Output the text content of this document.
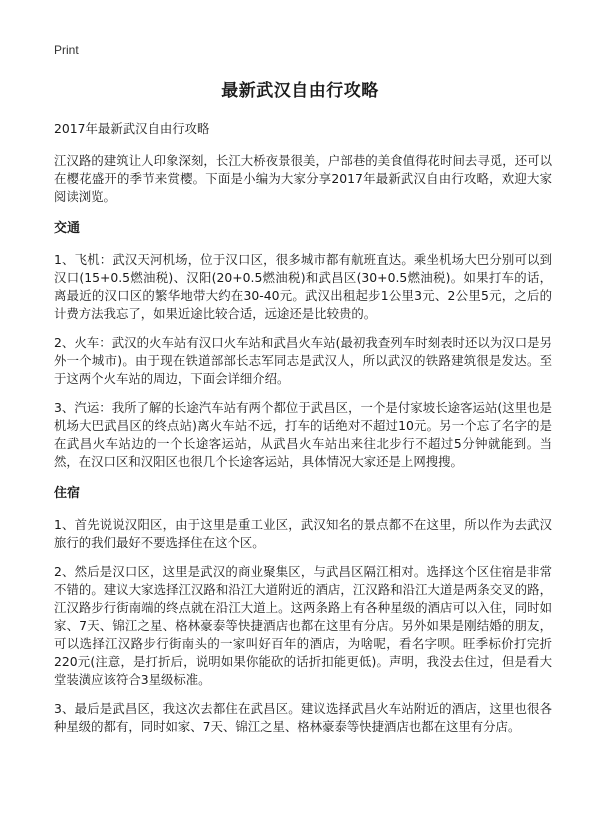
Print
最新武汉自由行攻略

2017年最新武汉自由行攻略

江汉路的建筑让人印象深刻，长江大桥夜景很美，户部巷的美食值得花时间去寻觅，还可以在樱花盛开的季节来赏樱。下面是小编为大家分享2017年最新武汉自由行攻略，欢迎大家阅读浏览。

交通

1、飞机：武汉天河机场，位于汉口区，很多城市都有航班直达。乘坐机场大巴分别可以到汉口(15+0.5燃油税)、汉阳(20+0.5燃油税)和武昌区(30+0.5燃油税)。如果打车的话，离最近的汉口区的繁华地带大约在30-40元。武汉出租起步1公里3元、2公里5元，之后的计费方法我忘了，如果近途比较合适，远途还是比较贵的。

2、火车：武汉的火车站有汉口火车站和武昌火车站(最初我查列车时刻表时还以为汉口是另外一个城市)。由于现在铁道部部长志军同志是武汉人，所以武汉的铁路建筑很是发达。至于这两个火车站的周边，下面会详细介绍。

3、汽运：我所了解的长途汽车站有两个都位于武昌区，一个是付家坡长途客运站(这里也是机场大巴武昌区的终点站)离火车站不远，打车的话绝对不超过10元。另一个忘了名字的是在武昌火车站边的一个长途客运站，从武昌火车站出来往北步行不超过5分钟就能到。当然，在汉口区和汉阳区也很几个长途客运站，具体情况大家还是上网搜搜。

住宿

1、首先说说汉阳区，由于这里是重工业区，武汉知名的景点都不在这里，所以作为去武汉旅行的我们最好不要选择住在这个区。

2、然后是汉口区，这里是武汉的商业聚集区，与武昌区隔江相对。选择这个区住宿是非常不错的。建议大家选择江汉路和沿江大道附近的酒店，江汉路和沿江大道是两条交叉的路，江汉路步行街南端的终点就在沿江大道上。这两条路上有各种星级的酒店可以入住，同时如家、7天、锦江之星、格林豪泰等快捷酒店也都在这里有分店。另外如果是刚结婚的朋友，可以选择江汉路步行街南头的一家叫好百年的酒店，为啥呢，看名字呗。旺季标价打完折220元(注意，是打折后，说明如果你能砍的话折扣能更低)。声明，我没去住过，但是看大堂装潢应该符合3星级标准。

3、最后是武昌区，我这次去都住在武昌区。建议选择武昌火车站附近的酒店，这里也很各种星级的都有，同时如家、7天、锦江之星、格林豪泰等快捷酒店也都在这里有分店。
